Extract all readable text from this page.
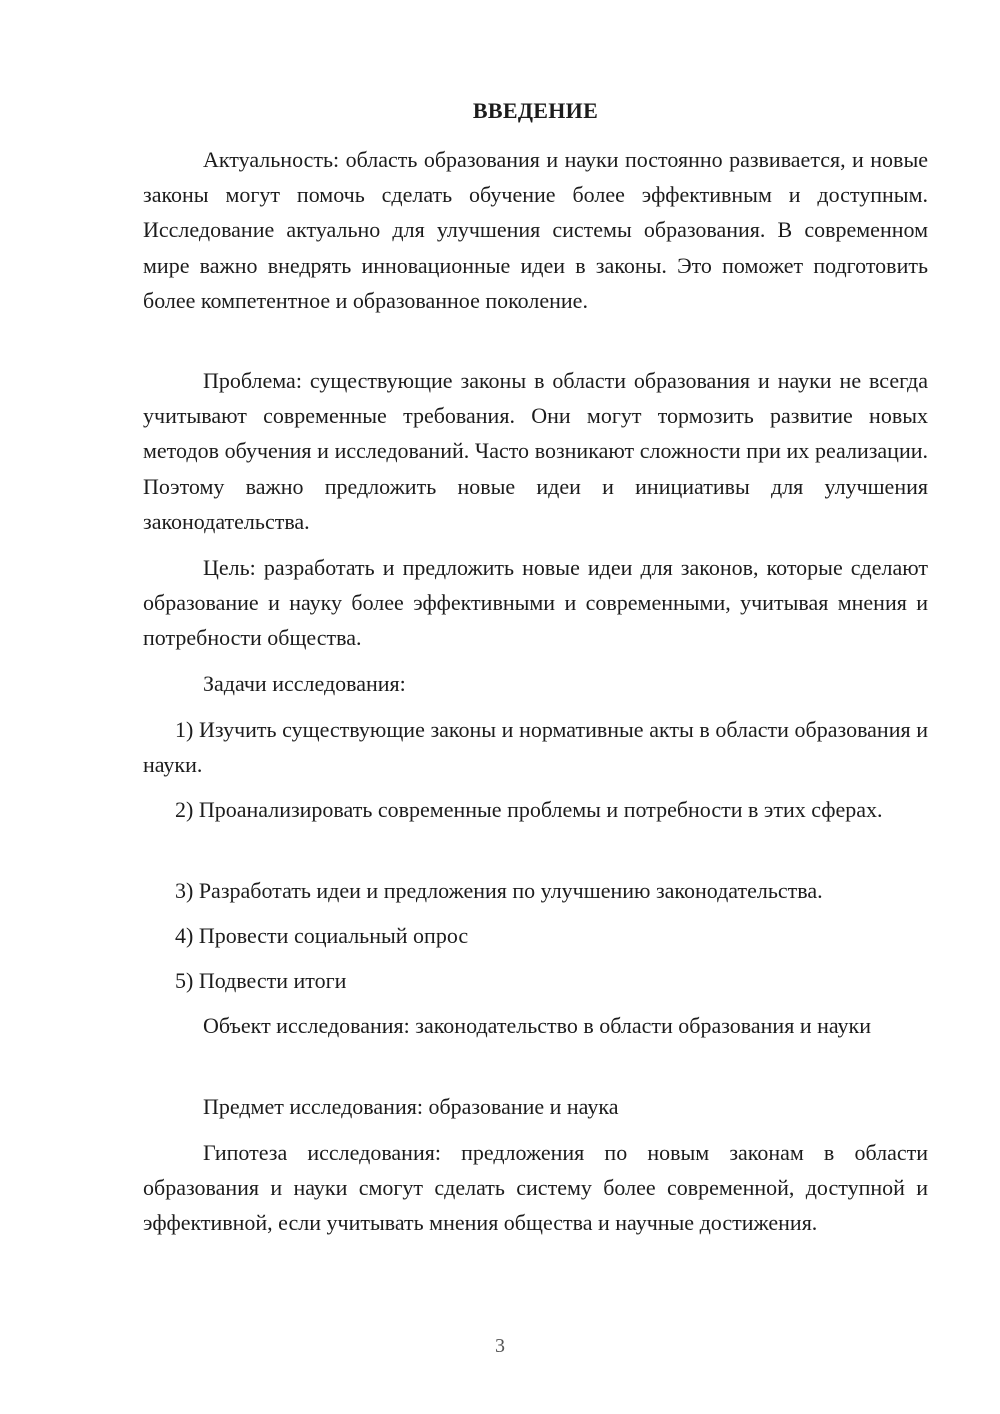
ВВЕДЕНИЕ

Актуальность: область образования и науки постоянно развивается, и новые законы могут помочь сделать обучение более эффективным и доступным. Исследование актуально для улучшения системы образования. В современном мире важно внедрять инновационные идеи в законы. Это поможет подготовить более компетентное и образованное поколение.

Проблема: существующие законы в области образования и науки не всегда учитывают современные требования. Они могут тормозить развитие новых методов обучения и исследований. Часто возникают сложности при их реализации. Поэтому важно предложить новые идеи и инициативы для улучшения законодательства.

Цель: разработать и предложить новые идеи для законов, которые сделают образование и науку более эффективными и современными, учитывая мнения и потребности общества.

Задачи исследования:

1) Изучить существующие законы и нормативные акты в области образования и науки.

2) Проанализировать современные проблемы и потребности в этих сферах.

3) Разработать идеи и предложения по улучшению законодательства.

4) Провести социальный опрос

5) Подвести итоги

Объект исследования: законодательство в области образования и науки

Предмет исследования: образование и наука

Гипотеза исследования: предложения по новым законам в области образования и науки смогут сделать систему более современной, доступной и эффективной, если учитывать мнения общества и научные достижения.

3
